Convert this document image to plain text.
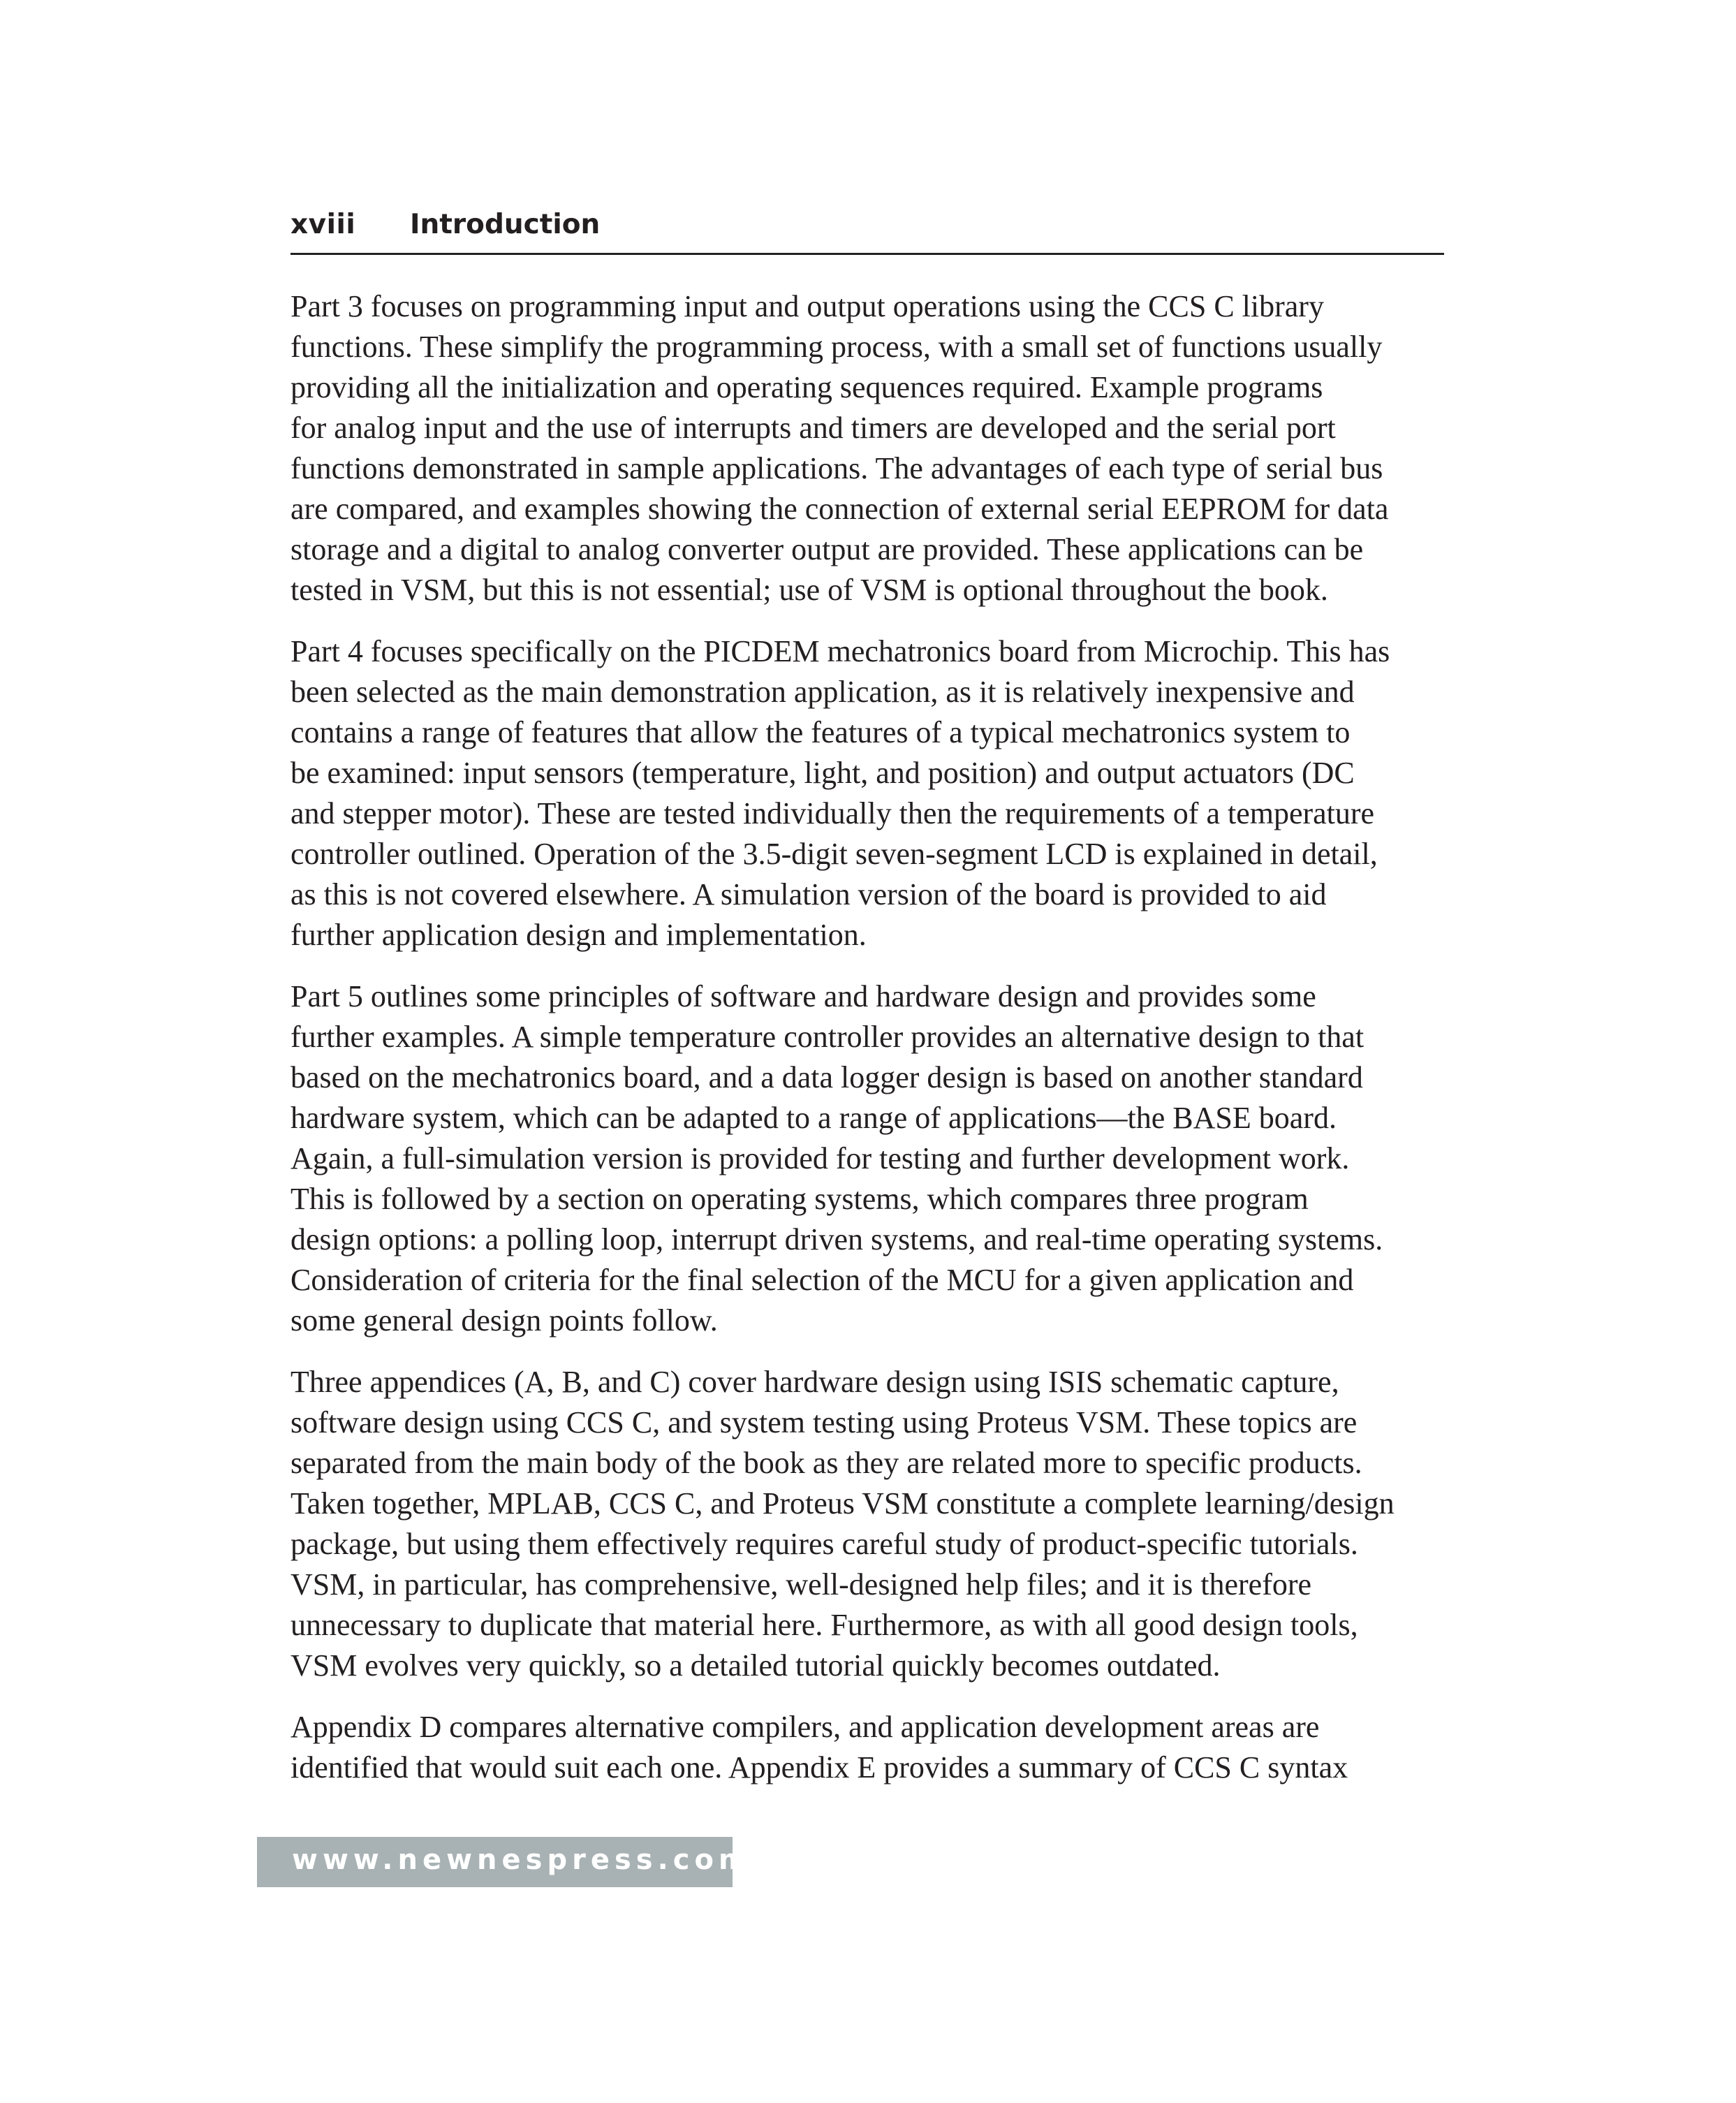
xviii Introduction
Part 3 focuses on programming input and output operations using the CCS C library
functions. These simplify the programming process, with a small set of functions usually
providing all the initialization and operating sequences required. Example programs
for analog input and the use of interrupts and timers are developed and the serial port
functions demonstrated in sample applications. The advantages of each type of serial bus
are compared, and examples showing the connection of external serial EEPROM for data
storage and a digital to analog converter output are provided. These applications can be
tested in VSM, but this is not essential; use of VSM is optional throughout the book.
Part 4 focuses specifically on the PICDEM mechatronics board from Microchip. This has
been selected as the main demonstration application, as it is relatively inexpensive and
contains a range of features that allow the features of a typical mechatronics system to
be examined: input sensors (temperature, light, and position) and output actuators (DC
and stepper motor). These are tested individually then the requirements of a temperature
controller outlined. Operation of the 3.5-digit seven-segment LCD is explained in detail,
as this is not covered elsewhere. A simulation version of the board is provided to aid
further application design and implementation.
Part 5 outlines some principles of software and hardware design and provides some
further examples. A simple temperature controller provides an alternative design to that
based on the mechatronics board, and a data logger design is based on another standard
hardware system, which can be adapted to a range of applications—the BASE board.
Again, a full-simulation version is provided for testing and further development work.
This is followed by a section on operating systems, which compares three program
design options: a polling loop, interrupt driven systems, and real-time operating systems.
Consideration of criteria for the final selection of the MCU for a given application and
some general design points follow.
Three appendices (A, B, and C) cover hardware design using ISIS schematic capture,
software design using CCS C, and system testing using Proteus VSM. These topics are
separated from the main body of the book as they are related more to specific products.
Taken together, MPLAB, CCS C, and Proteus VSM constitute a complete learning/design
package, but using them effectively requires careful study of product-specific tutorials.
VSM, in particular, has comprehensive, well-designed help files; and it is therefore
unnecessary to duplicate that material here. Furthermore, as with all good design tools,
VSM evolves very quickly, so a detailed tutorial quickly becomes outdated.
Appendix D compares alternative compilers, and application development areas are
identified that would suit each one. Appendix E provides a summary of CCS C syntax
www.newnespress.com
